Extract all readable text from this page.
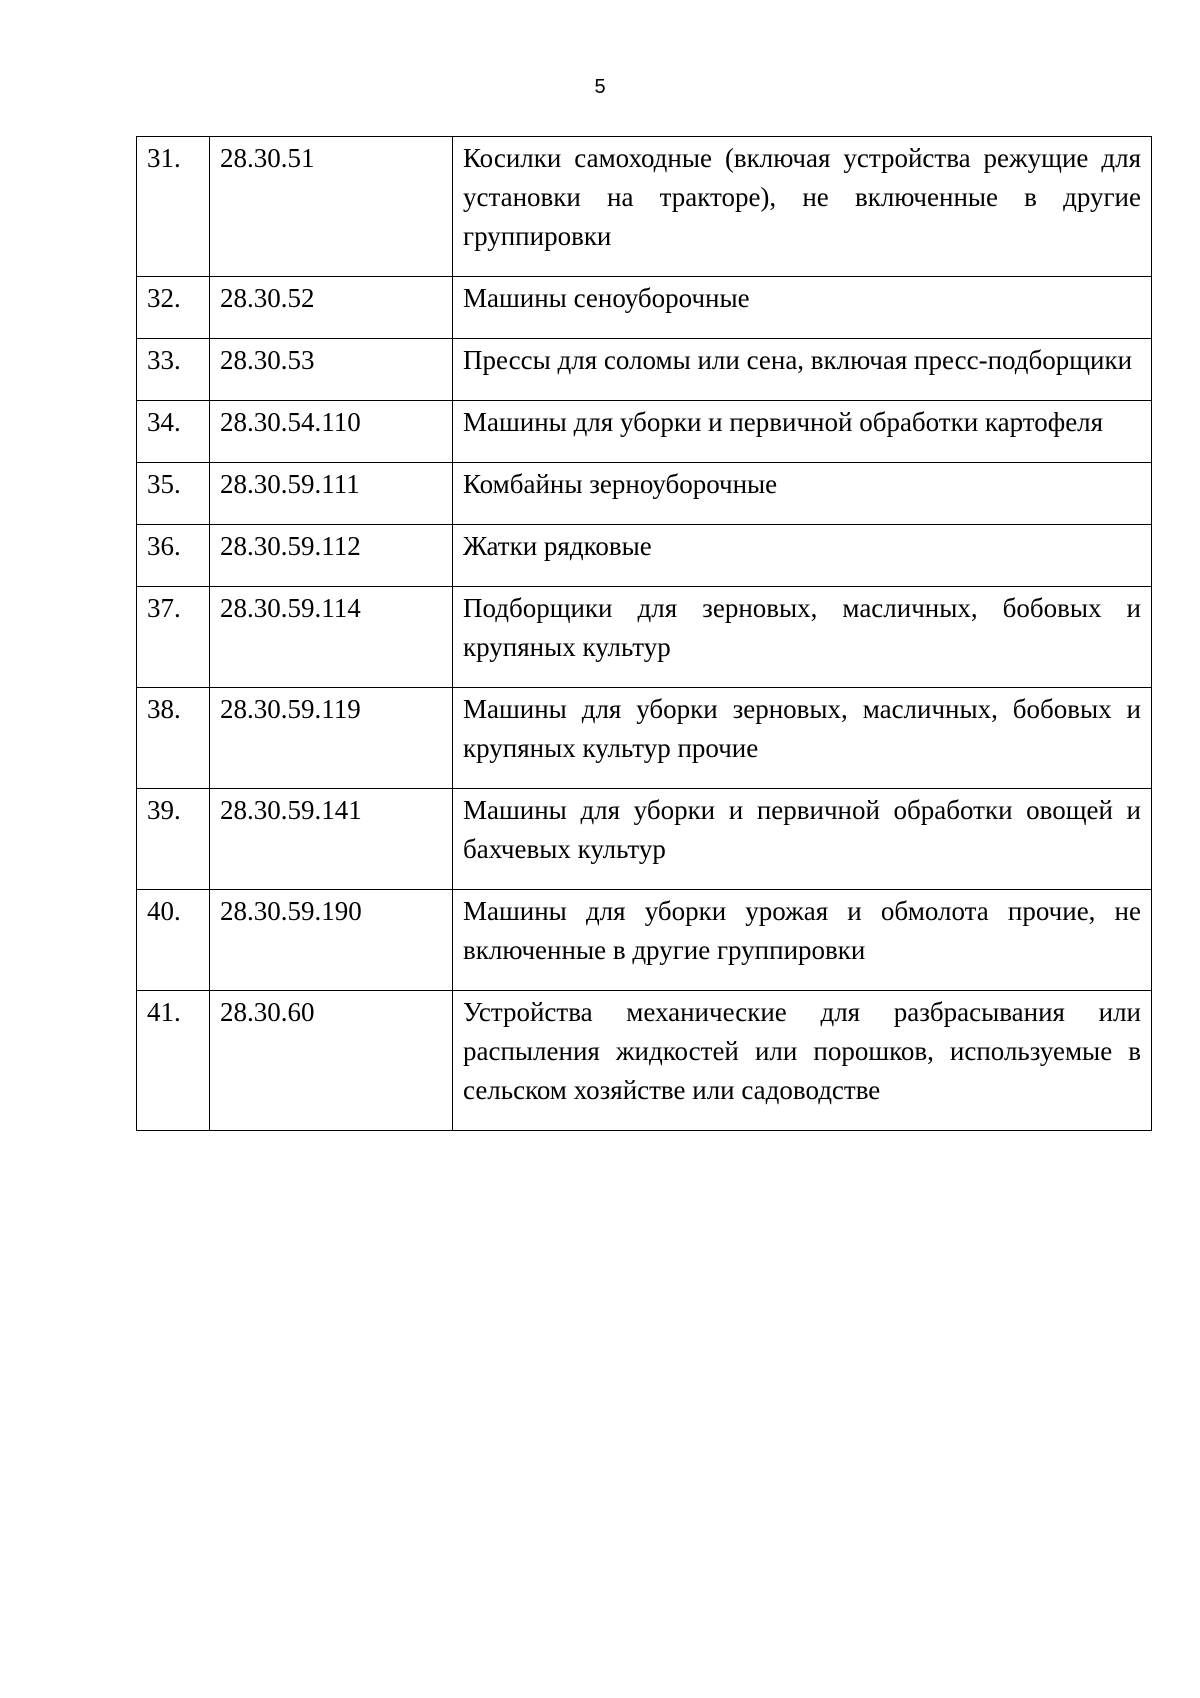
5
31.	28.30.51	Косилки самоходные (включая устройства режущие для установки на тракторе), не включенные в другие группировки
32.	28.30.52	Машины сеноуборочные
33.	28.30.53	Прессы для соломы или сена, включая пресс-подборщики
34.	28.30.54.110	Машины для уборки и первичной обработки картофеля
35.	28.30.59.111	Комбайны зерноуборочные
36.	28.30.59.112	Жатки рядковые
37.	28.30.59.114	Подборщики для зерновых, масличных, бобовых и крупяных культур
38.	28.30.59.119	Машины для уборки зерновых, масличных, бобовых и крупяных культур прочие
39.	28.30.59.141	Машины для уборки и первичной обработки овощей и бахчевых культур
40.	28.30.59.190	Машины для уборки урожая и обмолота прочие, не включенные в другие группировки
41.	28.30.60	Устройства механические для разбрасывания или распыления жидкостей или порошков, используемые в сельском хозяйстве или садоводстве
